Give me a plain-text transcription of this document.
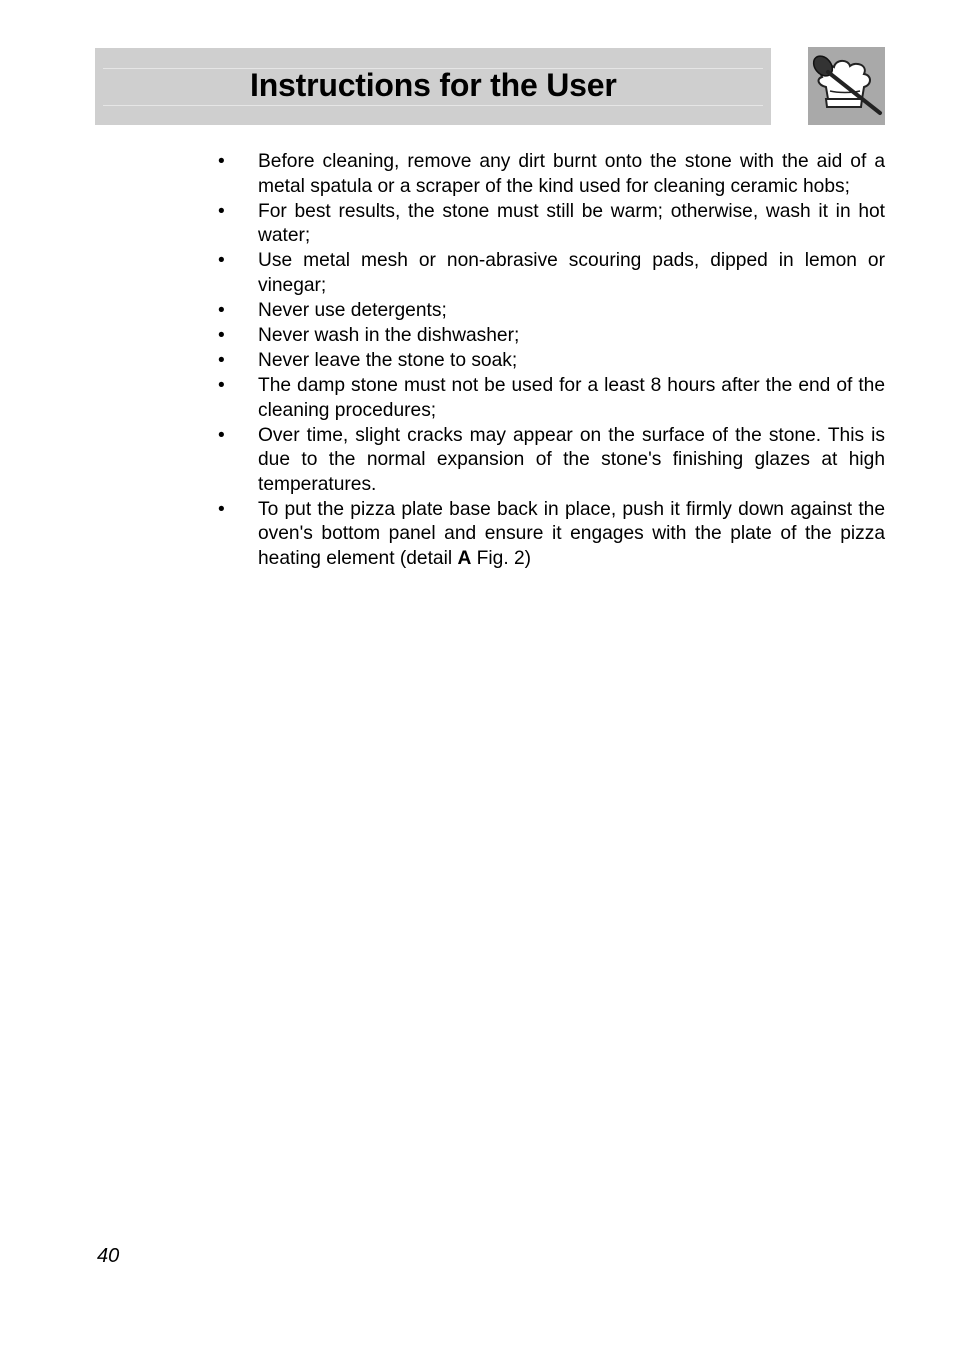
Instructions for the User
• Before cleaning, remove any dirt burnt onto the stone with the aid of a metal spatula or a scraper of the kind used for cleaning ceramic hobs;
• For best results, the stone must still be warm; otherwise, wash it in hot water;
• Use metal mesh or non-abrasive scouring pads, dipped in lemon or vinegar;
• Never use detergents;
• Never wash in the dishwasher;
• Never leave the stone to soak;
• The damp stone must not be used for a least 8 hours after the end of the cleaning procedures;
• Over time, slight cracks may appear on the surface of the stone. This is due to the normal expansion of the stone's finishing glazes at high temperatures.
• To put the pizza plate base back in place, push it firmly down against the oven's bottom panel and ensure it engages with the plate of the pizza heating element (detail A Fig. 2)
40
